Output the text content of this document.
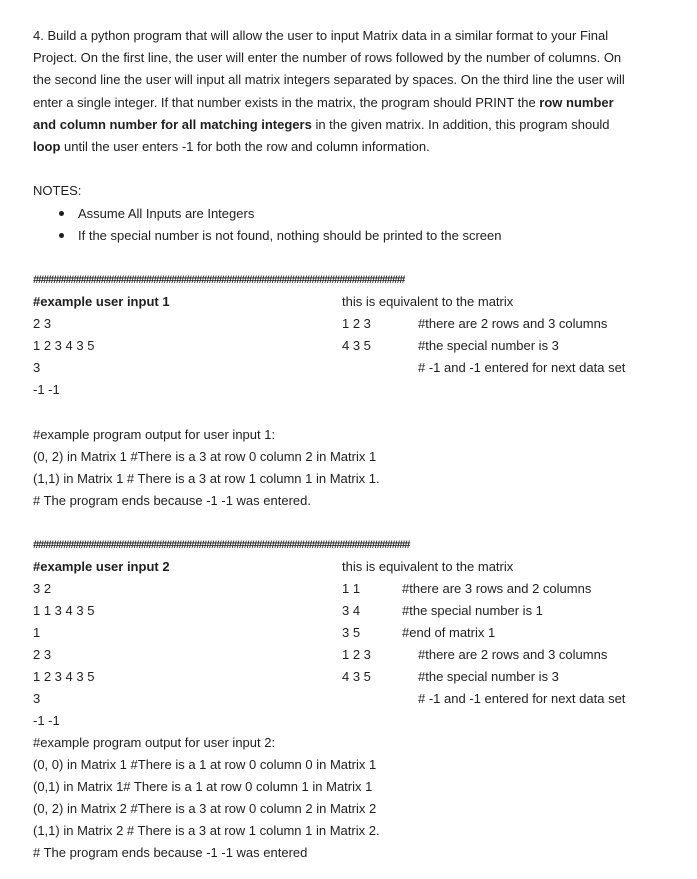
4. Build a python program that will allow the user to input Matrix data in a similar format to your Final
Project. On the first line, the user will enter the number of rows followed by the number of columns. On
the second line the user will input all matrix integers separated by spaces. On the third line the user will
enter a single integer. If that number exists in the matrix, the program should PRINT the row number
and column number for all matching integers in the given matrix. In addition, this program should
loop until the user enters -1 for both the row and column information.
NOTES:
Assume All Inputs are Integers
If the special number is not found, nothing should be printed to the screen
##########################################################################
#example user input 1	this is equivalent to the matrix
2 3
1 2 3 4 3 5
3
-1 -1
1 2 3
4 3 5
#there are 2 rows and 3 columns
#the special number is 3
# -1 and -1 entered for next data set
#example program output for user input 1:
(0, 2) in Matrix 1 #There is a 3 at row 0 column 2 in Matrix 1
(1,1) in Matrix 1 # There is a 3 at row 1 column 1 in Matrix 1.
# The program ends because -1 -1 was entered.
###########################################################################
#example user input 2	this is equivalent to the matrix
3 2
1 1 3 4 3 5
1
2 3
1 2 3 4 3 5
3
-1 -1
1 1
3 4
3 5
1 2 3
4 3 5
#there are 3 rows and 2 columns
#the special number is 1
#end of matrix 1
#there are 2 rows and 3 columns
#the special number is 3
# -1 and -1 entered for next data set
#example program output for user input 2:
(0, 0) in Matrix 1 #There is a 1 at row 0 column 0 in Matrix 1
(0,1) in Matrix 1# There is a 1 at row 0 column 1 in Matrix 1
(0, 2) in Matrix 2 #There is a 3 at row 0 column 2 in Matrix 2
(1,1) in Matrix 2 # There is a 3 at row 1 column 1 in Matrix 2.
# The program ends because -1 -1 was entered
